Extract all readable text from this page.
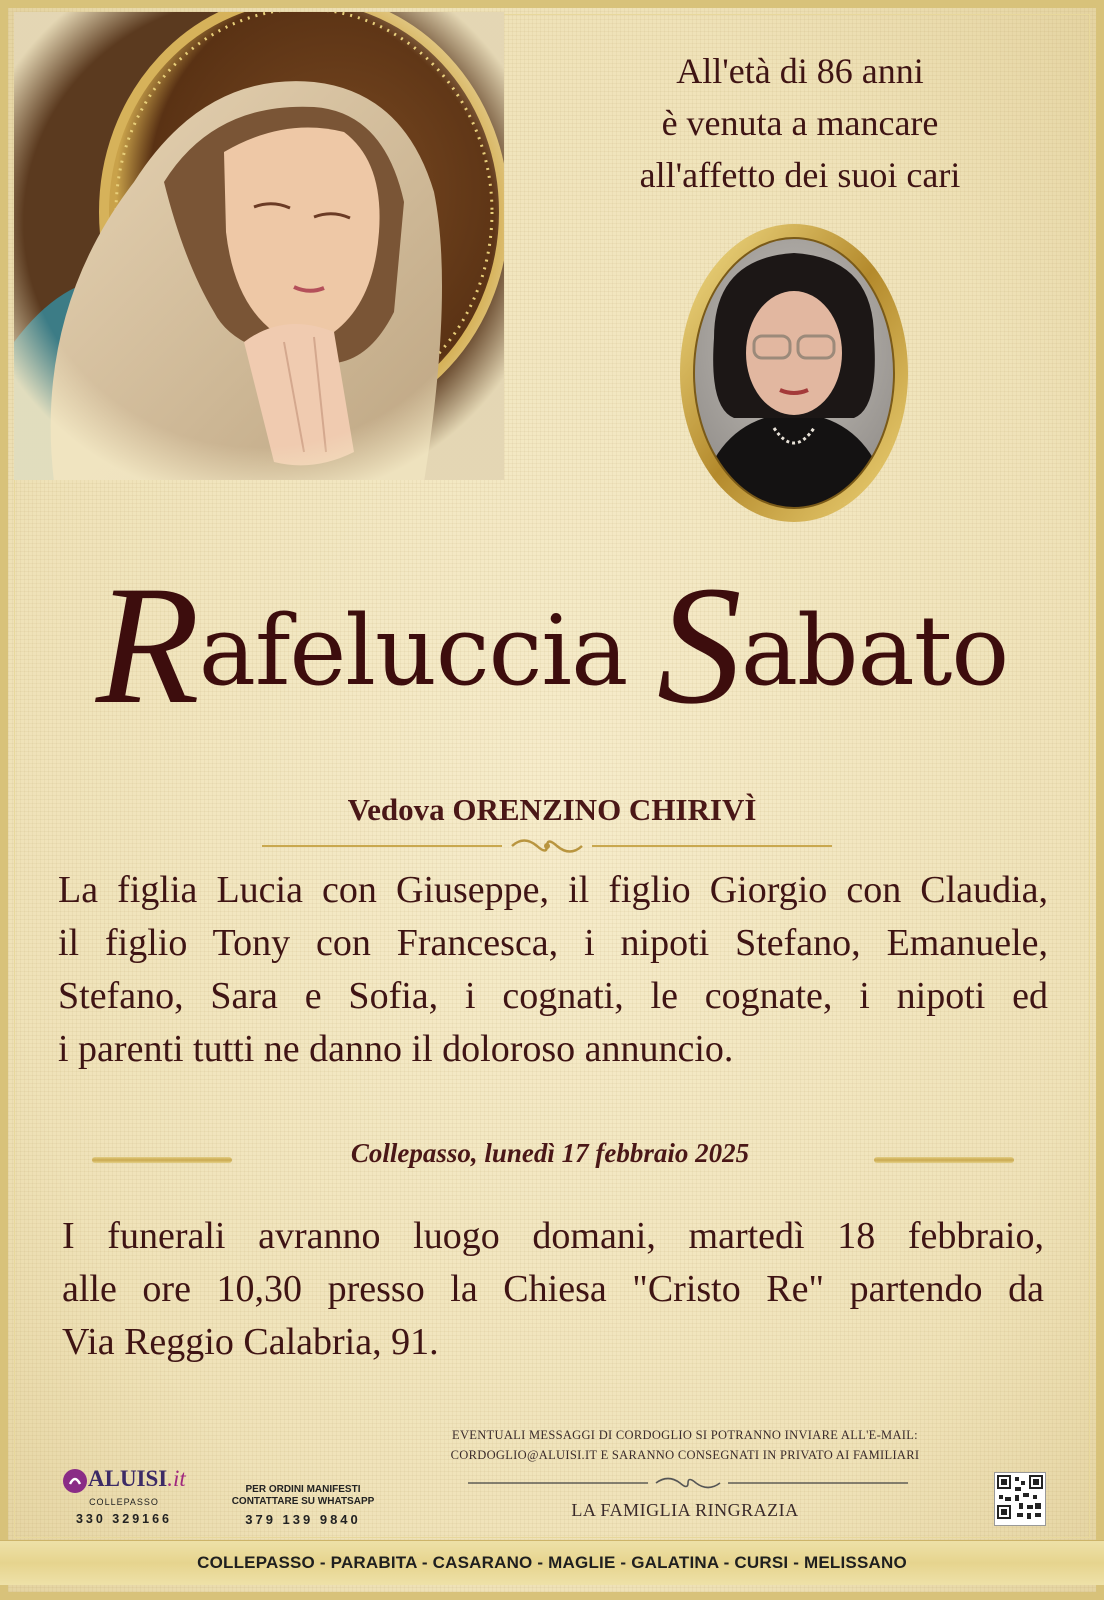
All'età di 86 anni
è venuta a mancare
all'affetto dei suoi cari
Rafeluccia Sabato
Vedova ORENZINO CHIRIVÌ
La figlia Lucia con Giuseppe, il figlio Giorgio con Claudia,
il figlio Tony con Francesca, i nipoti Stefano, Emanuele,
Stefano, Sara e Sofia, i cognati, le cognate, i nipoti ed
i parenti tutti ne danno il doloroso annuncio.
Collepasso, lunedì 17 febbraio 2025
I funerali avranno luogo domani, martedì 18 febbraio,
alle ore 10,30 presso la Chiesa "Cristo Re" partendo da
Via Reggio Calabria, 91.
EVENTUALI MESSAGGI DI CORDOGLIO SI POTRANNO INVIARE ALL'E-MAIL:
CORDOGLIO@ALUISI.IT E SARANNO CONSEGNATI IN PRIVATO AI FAMILIARI
LA FAMIGLIA RINGRAZIA
ALUISI.it
COLLEPASSO
330 329166
PER ORDINI MANIFESTI
CONTATTARE SU WHATSAPP
379 139 9840
COLLEPASSO - PARABITA - CASARANO - MAGLIE - GALATINA - CURSI - MELISSANO
